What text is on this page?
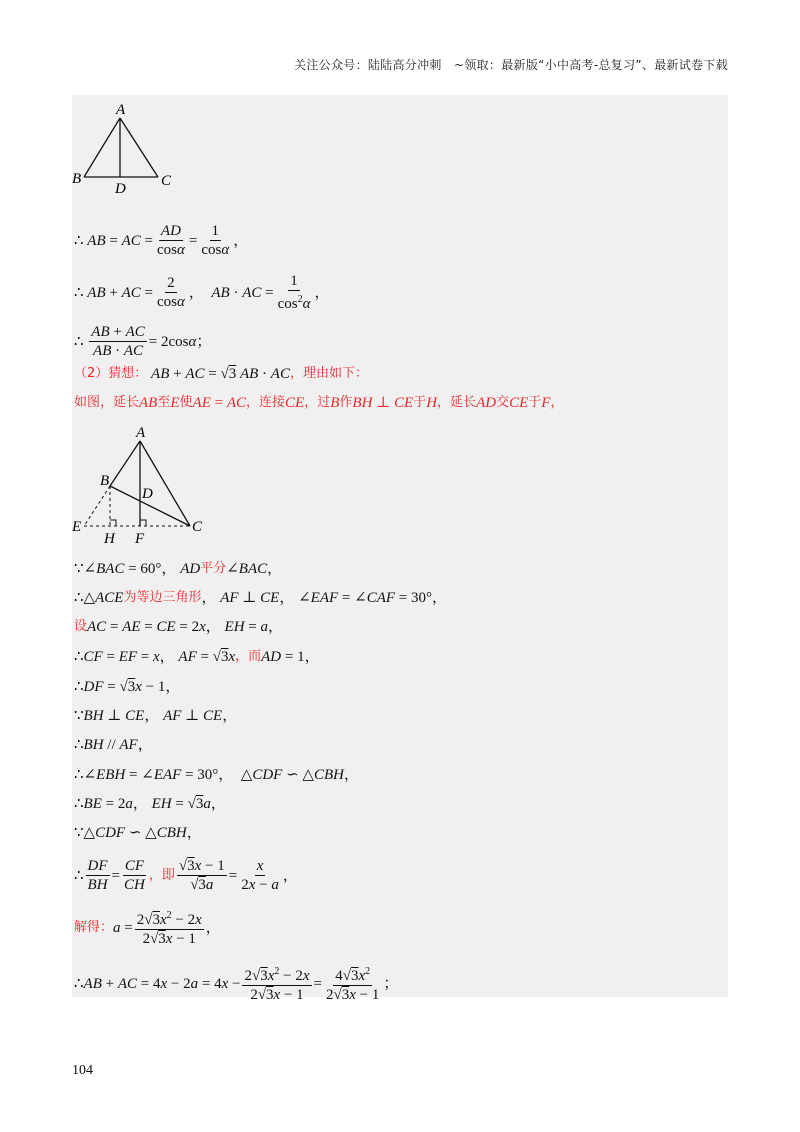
关注公众号：陆陆高分冲刺　~领取：最新版“小中高考-总复习”、最新试卷下载
A
B	C
D
∴ AB = AC = $\frac{AD}{\cos\alpha} = \frac{1}{\cos\alpha}$ ，
∴ AB + AC = $\frac{2}{\cos\alpha}$ ， AB · AC = $\frac{1}{\cos^2\alpha}$ ，
∴ $\frac{AB + AC}{AB \cdot AC} = 2\cos$ α ；
（2）猜想：
AB + AC = √ 3
AB · AC ，理由如下：
如图，延长 AB 至 E 使 AE = AC ，连接 CE ，过 B 作 BH ⊥ CE 于 H ，延长 AD 交 CE 于 F ，
A
B
C
D
E
H F
∵∠ BAC = 60°， AD 平分 ∠ BAC ，
∴△ ACE 为等边三角形 ， AF ⊥ CE ， ∠ EAF = ∠ CAF = 30°，
设 AC = AE = CE = 2 x ， EH = a ，
∴ CF = EF = x ， AF = √ 3 x ，而 AD = 1，
∴ DF = √ 3 x − 1，
∵ BH ⊥ CE ， AF ⊥ CE ，
∴ BH // AF ，
∴∠ EBH = ∠ EAF = 30°，  △ CDF ∽ △ CBH ，
∴ BE = 2 a ， EH = √ 3 a ，
∵△ CDF ∽ △ CBH ，
∴ $\frac{DF}{BH} = \frac{CF}{CH}$ ，即 $\frac{√3x - 1}{√3a} = \frac{x}{2x - a}$ ，
解得： $a = \frac{2√3x^2 - 2x}{2√3x - 1}$ ，
∴ AB + AC = 4 x − 2 a = 4 $x - \frac{2√3x^2 - 2x}{2√3x - 1} = \frac{4√3x^2}{2√3x - 1}$ ；
104
